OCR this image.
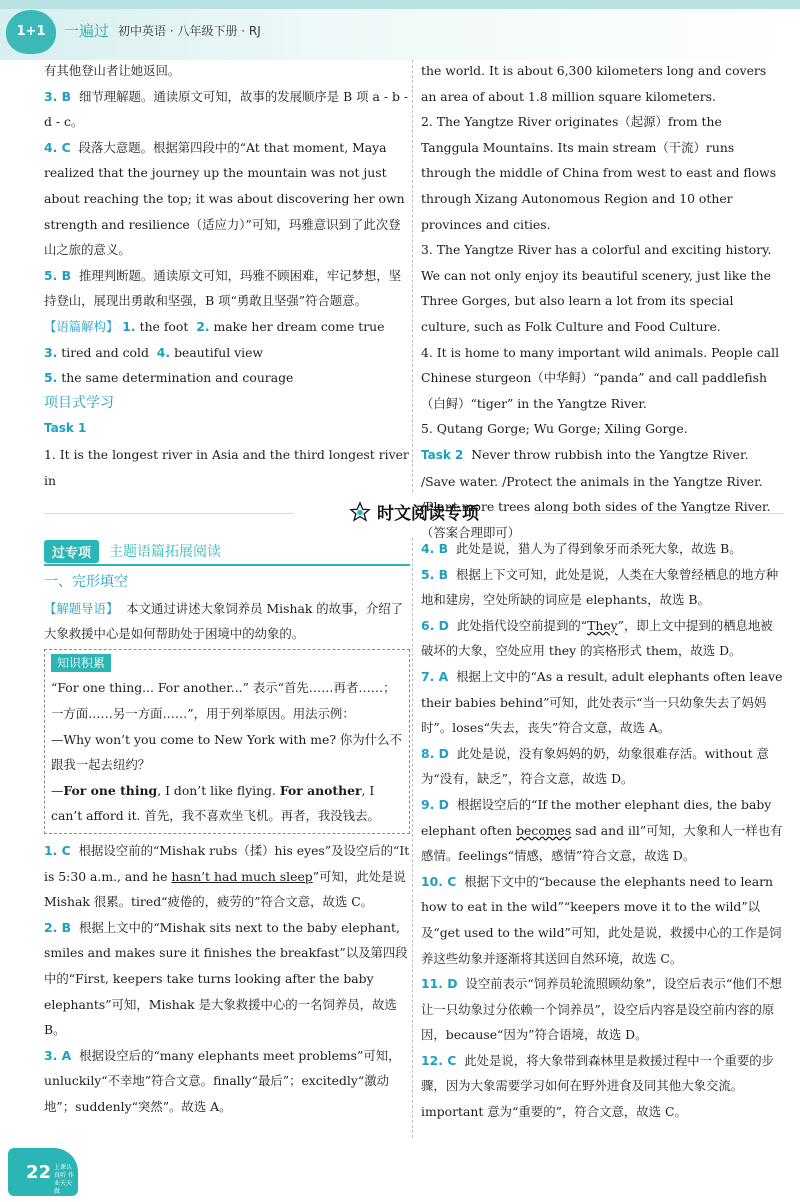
1+1	一遍过 初中英语 · 八年级下册 · RJ

有其他登山者让她返回。

3. B 细节理解题。通读原文可知，故事的发展顺序是 B 项 a - b - d - c。

4. C 段落大意题。根据第四段中的“At that moment, Maya realized that the journey up the mountain was not just about reaching the top; it was about discovering her own strength and resilience（适应力）”可知，玛雅意识到了此次登山之旅的意义。

5. B 推理判断题。通读原文可知，玛雅不顾困难，牢记梦想，坚持登山，展现出勇敢和坚强，B 项“勇敢且坚强”符合题意。

【语篇解构】 1. the foot 2. make her dream come true

3. tired and cold 4. beautiful view

5. the same determination and courage

项目式学习

Task 1

1. It is the longest river in Asia and the third longest river in

the world. It is about 6,300 kilometers long and covers an area of about 1.8 million square kilometers.

2. The Yangtze River originates（起源）from the Tanggula Mountains. Its main stream（干流）runs through the middle of China from west to east and flows through Xizang Autonomous Region and 10 other provinces and cities.

3. The Yangtze River has a colorful and exciting history. We can not only enjoy its beautiful scenery, just like the Three Gorges, but also learn a lot from its special culture, such as Folk Culture and Food Culture.

4. It is home to many important wild animals. People call Chinese sturgeon（中华鲟）“panda” and call paddlefish（白鲟）“tiger” in the Yangtze River.

5. Qutang Gorge; Wu Gorge; Xiling Gorge.

Task 2 Never throw rubbish into the Yangtze River. /Save water. /Protect the animals in the Yangtze River. /Plant more trees along both sides of the Yangtze River.（答案合理即可）

时文阅读专项
过专项	主题语篇拓展阅读

一、完形填空

【解题导语】 本文通过讲述大象饲养员 Mishak 的故事，介绍了大象救援中心是如何帮助处于困境中的幼象的。

知识积累

“For one thing... For another...” 表示“首先……再者……；一方面……另一方面……”，用于列举原因。用法示例：

—Why won’t you come to New York with me? 你为什么不跟我一起去纽约？

—For one thing, I don’t like flying. For another, I can’t afford it. 首先，我不喜欢坐飞机。再者，我没钱去。

1. C 根据设空前的“Mishak rubs（揉）his eyes”及设空后的“It is 5:30 a.m., and he hasn’t had much sleep”可知，此处是说 Mishak 很累。tired“疲倦的，疲劳的”符合文意，故选 C。

2. B 根据上文中的“Mishak sits next to the baby elephant, smiles and makes sure it finishes the breakfast”以及第四段中的“First, keepers take turns looking after the baby elephants”可知，Mishak 是大象救援中心的一名饲养员，故选 B。

3. A 根据设空后的“many elephants meet problems”可知，unluckily“不幸地”符合文意。finally“最后”；excitedly“激动地”；suddenly“突然”。故选 A。

4. B 此处是说，猎人为了得到象牙而杀死大象，故选 B。

5. B 根据上下文可知，此处是说，人类在大象曾经栖息的地方种地和建房，空处所缺的词应是 elephants，故选 B。

6. D 此处指代设空前提到的“They”，即上文中提到的栖息地被破坏的大象，空处应用 they 的宾格形式 them，故选 D。

7. A 根据上文中的“As a result, adult elephants often leave their babies behind”可知，此处表示“当一只幼象失去了妈妈时”。loses“失去，丧失”符合文意，故选 A。

8. D 此处是说，没有象妈妈的奶，幼象很难存活。without 意为“没有，缺乏”，符合文意，故选 D。

9. D 根据设空后的“If the mother elephant dies, the baby elephant often becomes sad and ill”可知，大象和人一样也有感情。feelings“情感，感情”符合文意，故选 D。

10. C 根据下文中的“because the elephants need to learn how to eat in the wild”“keepers move it to the wild”以及“get used to the wild”可知，此处是说，救援中心的工作是饲养这些幼象并逐渐将其送回自然环境，故选 C。

11. D 设空前表示“饲养员轮流照顾幼象”，设空后表示“他们不想让一只幼象过分依赖一个饲养员”，设空后内容是设空前内容的原因，because“因为”符合语境，故选 D。

12. C 此处是说，将大象带到森林里是救援过程中一个重要的步骤，因为大象需要学习如何在野外进食及同其他大象交流。important 意为“重要的”，符合文意，故选 C。

22 上课认真听 作业天天做
